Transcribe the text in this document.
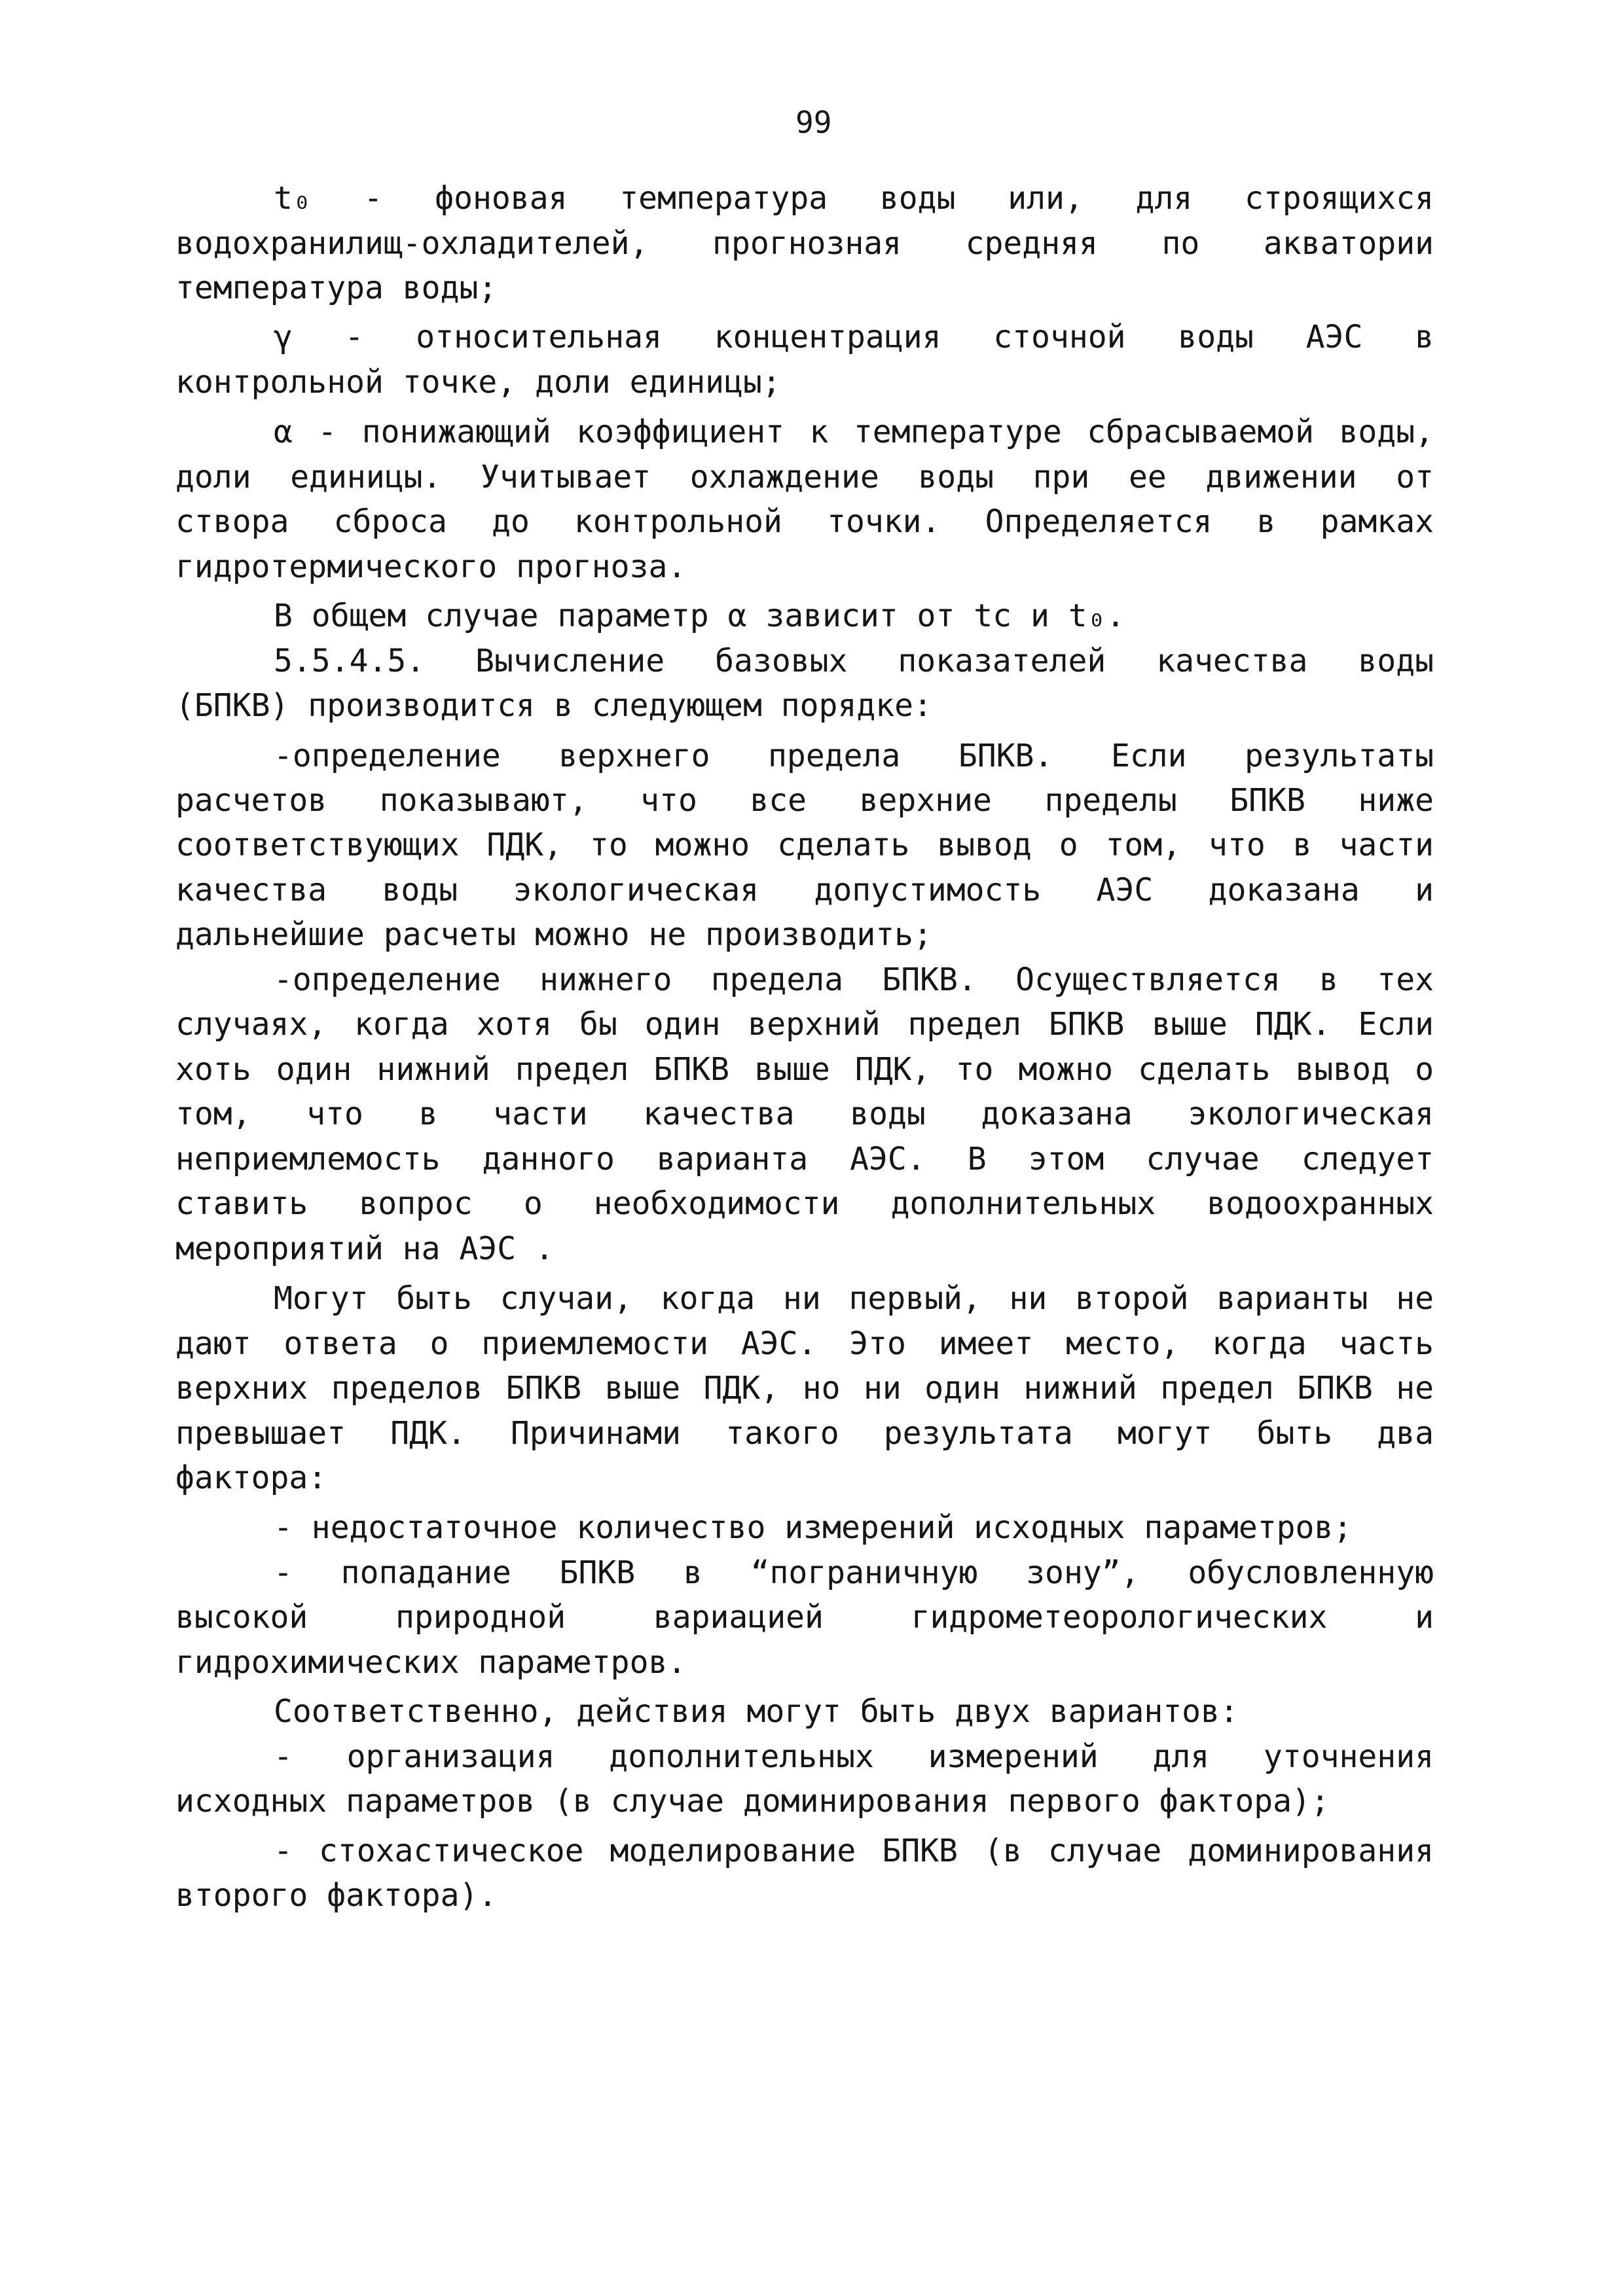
99
t₀ - фоновая температура воды или, для строящихся
водохранилищ-охладителей, прогнозная средняя по акватории
температура воды;
γ - относительная концентрация сточной воды АЭС в
контрольной точке, доли единицы;
α - понижающий коэффициент к температуре сбрасываемой воды,
доли единицы. Учитывает охлаждение воды при ее движении от
створа сброса до контрольной точки. Определяется в рамках
гидротермического прогноза.
В общем случае параметр α зависит от tc и t₀.
5.5.4.5. Вычисление базовых показателей качества воды
(БПКВ) производится в следующем порядке:
-определение верхнего предела БПКВ. Если результаты
расчетов показывают, что все верхние пределы БПКВ ниже
соответствующих ПДК, то можно сделать вывод о том, что в части
качества воды экологическая допустимость АЭС доказана и
дальнейшие расчеты можно не производить;
-определение нижнего предела БПКВ. Осуществляется в тех
случаях, когда хотя бы один верхний предел БПКВ выше ПДК. Если
хоть один нижний предел БПКВ выше ПДК, то можно сделать вывод о
том, что в части качества воды доказана экологическая
неприемлемость данного варианта АЭС. В этом случае следует
ставить вопрос о необходимости дополнительных водоохранных
мероприятий на АЭС .
Могут быть случаи, когда ни первый, ни второй варианты не
дают ответа о приемлемости АЭС. Это имеет место, когда часть
верхних пределов БПКВ выше ПДК, но ни один нижний предел БПКВ не
превышает ПДК. Причинами такого результата могут быть два
фактора:
- недостаточное количество измерений исходных параметров;
- попадание БПКВ в “пограничную зону”, обусловленную
высокой природной вариацией гидрометеорологических и
гидрохимических параметров.
Соответственно, действия могут быть двух вариантов:
- организация дополнительных измерений для уточнения
исходных параметров (в случае доминирования первого фактора);
- стохастическое моделирование БПКВ (в случае доминирования
второго фактора).
